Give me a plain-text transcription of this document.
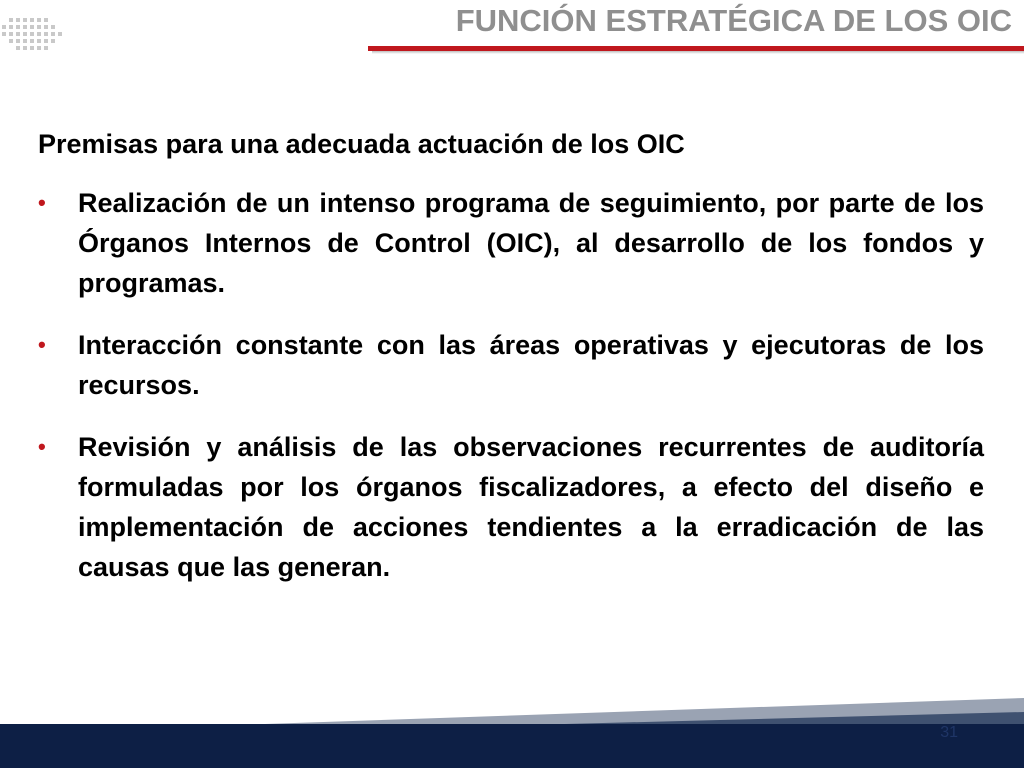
FUNCIÓN ESTRATÉGICA DE LOS OIC
Premisas para una adecuada actuación de los OIC
• Realización de un intenso programa de seguimiento, por parte de los Órganos Internos de Control (OIC), al desarrollo de los fondos y programas.
• Interacción constante con las áreas operativas y ejecutoras de los recursos.
• Revisión y análisis de las observaciones recurrentes de auditoría formuladas por los órganos fiscalizadores, a efecto del diseño e implementación de acciones tendientes a la erradicación de las causas que las generan.
31
